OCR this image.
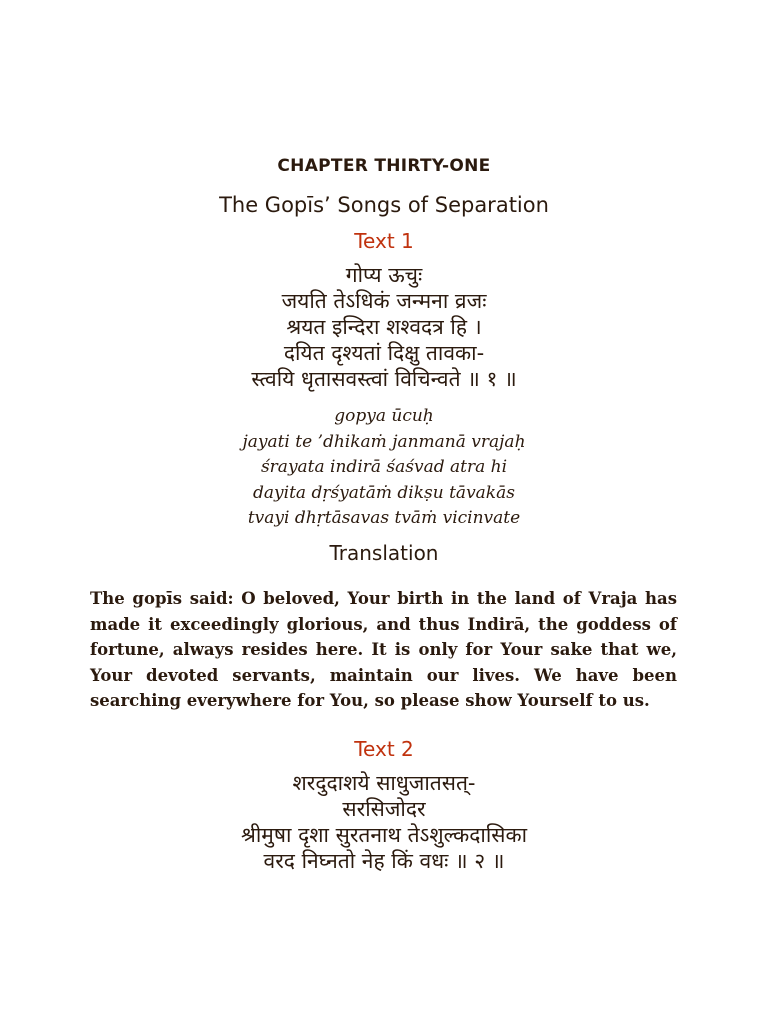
CHAPTER THIRTY-ONE
The Gopīs’ Songs of Separation
Text 1
गोप्य ऊचुः
जयति तेऽधिकं जन्मना व्रजः
श्रयत इन्दिरा शश्वदत्र हि ।
दयित दृश्यतां दिक्षु तावका-
स्त्वयि धृतासवस्त्वां विचिन्वते ॥ १ ॥
gopya ūcuḥ
jayati te ’dhikaṁ janmanā vrajaḥ
śrayata indirā śaśvad atra hi
dayita dṛśyatāṁ dikṣu tāvakās
tvayi dhṛtāsavas tvāṁ vicinvate
Translation
The gopīs said: O beloved, Your birth in the land of Vraja has made it exceedingly glorious, and thus Indirā, the goddess of fortune, always resides here. It is only for Your sake that we, Your devoted servants, maintain our lives. We have been searching everywhere for You, so please show Yourself to us.
Text 2
शरदुदाशये साधुजातसत्-
सरसिजोदर
श्रीमुषा दृशा सुरतनाथ तेऽशुल्कदासिका
वरद निघ्नतो नेह किं वधः ॥ २ ॥
